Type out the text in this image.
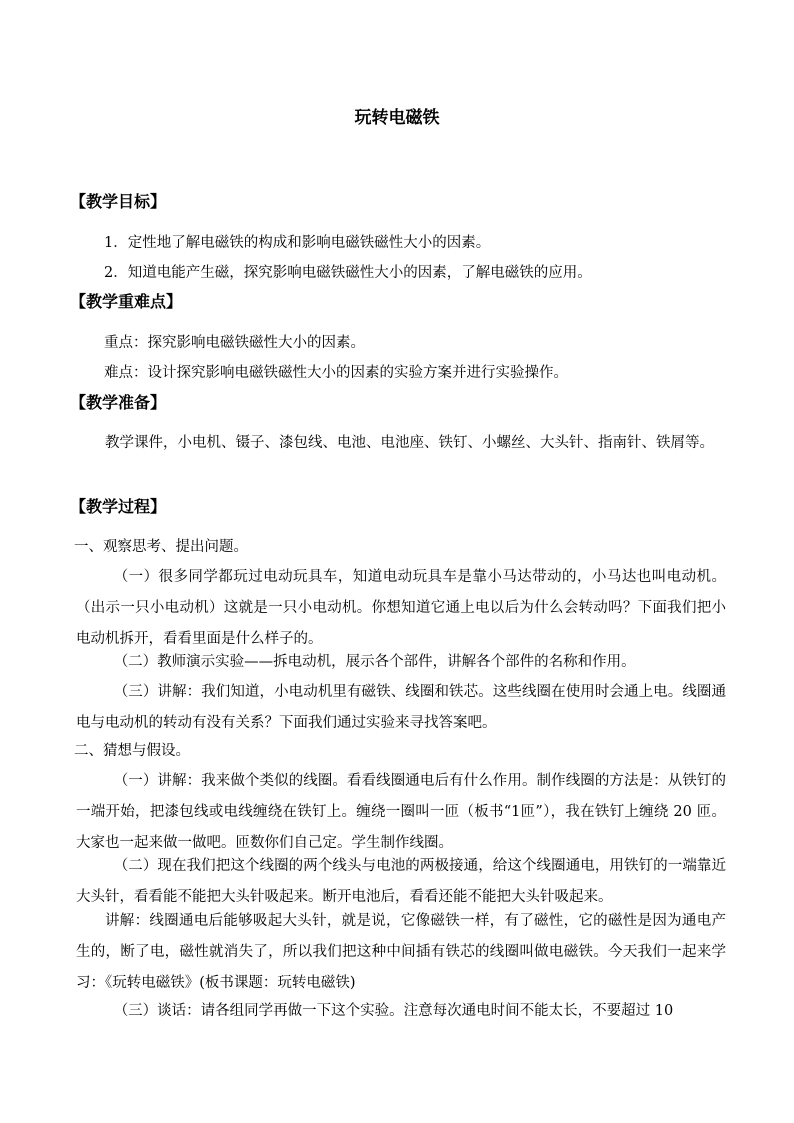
玩转电磁铁
【教学目标】
1．定性地了解电磁铁的构成和影响电磁铁磁性大小的因素。
2．知道电能产生磁，探究影响电磁铁磁性大小的因素，了解电磁铁的应用。
【教学重难点】
重点：探究影响电磁铁磁性大小的因素。
难点：设计探究影响电磁铁磁性大小的因素的实验方案并进行实验操作。
【教学准备】
教学课件，小电机、镊子、漆包线、电池、电池座、铁钉、小螺丝、大头针、指南针、铁屑等。
【教学过程】
一、观察思考、提出问题。
（一）很多同学都玩过电动玩具车，知道电动玩具车是靠小马达带动的，小马达也叫电动机。（出示一只小电动机）这就是一只小电动机。你想知道它通上电以后为什么会转动吗？下面我们把小电动机拆开，看看里面是什么样子的。
（二）教师演示实验——拆电动机，展示各个部件，讲解各个部件的名称和作用。
（三）讲解：我们知道，小电动机里有磁铁、线圈和铁芯。这些线圈在使用时会通上电。线圈通电与电动机的转动有没有关系？下面我们通过实验来寻找答案吧。
二、猜想与假设。
（一）讲解：我来做个类似的线圈。看看线圈通电后有什么作用。制作线圈的方法是：从铁钉的一端开始，把漆包线或电线缠绕在铁钉上。缠绕一圈叫一匝（板书“1匝”），我在铁钉上缠绕 20 匝。大家也一起来做一做吧。匝数你们自己定。学生制作线圈。
（二）现在我们把这个线圈的两个线头与电池的两极接通，给这个线圈通电，用铁钉的一端靠近大头针，看看能不能把大头针吸起来。断开电池后，看看还能不能把大头针吸起来。
讲解：线圈通电后能够吸起大头针，就是说，它像磁铁一样，有了磁性，它的磁性是因为通电产生的，断了电，磁性就消失了，所以我们把这种中间插有铁芯的线圈叫做电磁铁。今天我们一起来学习：《玩转电磁铁》(板书课题：玩转电磁铁)
（三）谈话：请各组同学再做一下这个实验。注意每次通电时间不能太长，不要超过 10
